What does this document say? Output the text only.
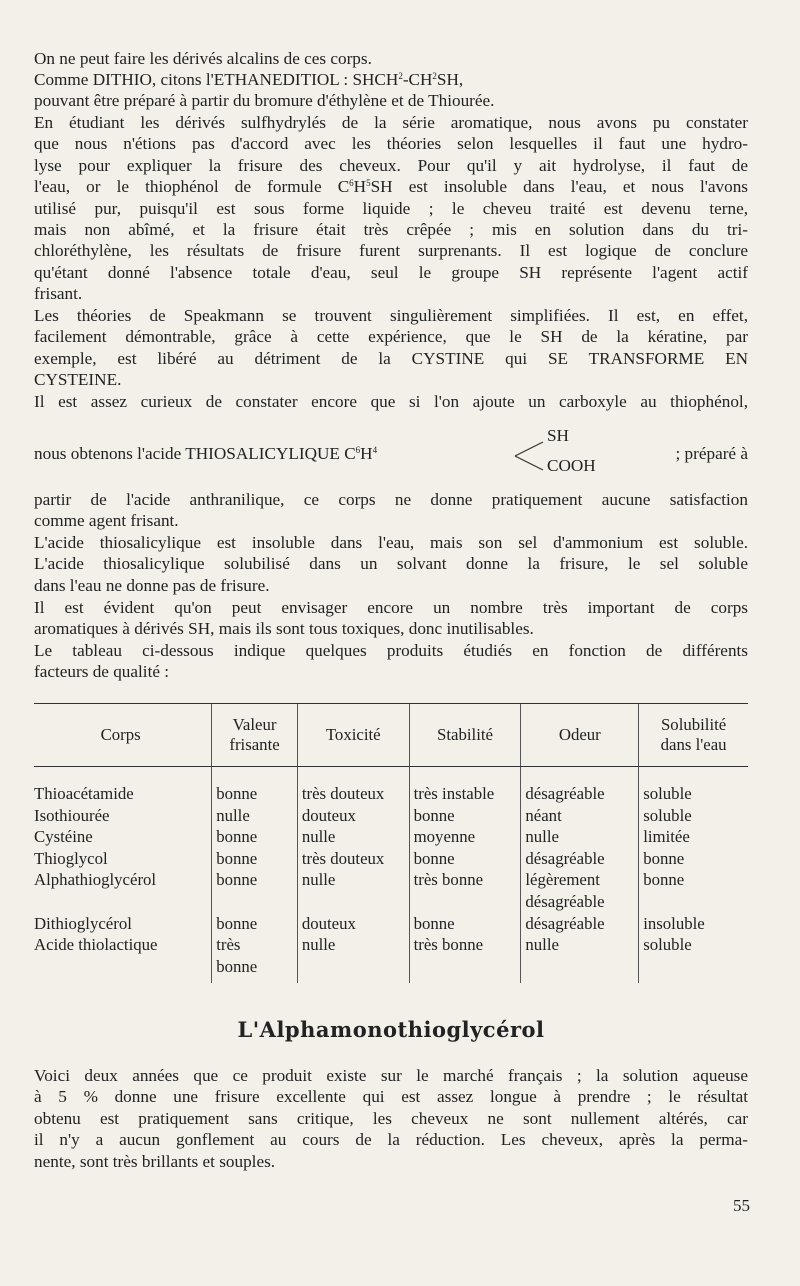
On ne peut faire les dérivés alcalins de ces corps.

Comme DITHIO, citons l'ETHANEDITIOL : $SHCH^2-CH^2SH$,
pouvant être préparé à partir du bromure d'éthylène et de Thiourée.

En étudiant les dérivés sulfhydrylés de la série aromatique, nous avons pu constater
que nous n'étions pas d'accord avec les théories selon lesquelles il faut une hydro-
lyse pour expliquer la frisure des cheveux. Pour qu'il y ait hydrolyse, il faut de
l'eau, or le thiophénol de formule $C^6H^5SH$ est insoluble dans l'eau, et nous l'avons
utilisé pur, puisqu'il est sous forme liquide ; le cheveu traité est devenu terne,
mais non abîmé, et la frisure était très crêpée ; mis en solution dans du tri-
chloréthylène, les résultats de frisure furent surprenants. Il est logique de conclure
qu'étant donné l'absence totale d'eau, seul le groupe SH représente l'agent actif
frisant.

Les théories de Speakmann se trouvent singulièrement simplifiées. Il est, en effet,
facilement démontrable, grâce à cette expérience, que le SH de la kératine, par
exemple, est libéré au détriment de la CYSTINE qui SE TRANSFORME EN
CYSTEINE.

Il est assez curieux de constater encore que si l'on ajoute un carboxyle au thiophénol,

nous obtenons l'acide THIOSALICYLIQUE $C^6H^4$
SH
COOH
; préparé à

partir de l'acide anthranilique, ce corps ne donne pratiquement aucune satisfaction
comme agent frisant.

L'acide thiosalicylique est insoluble dans l'eau, mais son sel d'ammonium est soluble.
L'acide thiosalicylique solubilisé dans un solvant donne la frisure, le sel soluble
dans l'eau ne donne pas de frisure.

Il est évident qu'on peut envisager encore un nombre très important de corps
aromatiques à dérivés SH, mais ils sont tous toxiques, donc inutilisables.

Le tableau ci-dessous indique quelques produits étudiés en fonction de différents
facteurs de qualité :

Corps	Valeur
frisante	Toxicité	Stabilité	Odeur	Solubilité
dans l'eau
Thioacétamide	bonne	très douteux	très instable	désagréable	soluble
Isothiourée	nulle	douteux	bonne	néant	soluble
Cystéine	bonne	nulle	moyenne	nulle	limitée
Thioglycol	bonne	très douteux	bonne	désagréable	bonne
Alphathioglycérol	bonne	nulle	très bonne	légèrement
désagréable	bonne
Dithioglycérol	bonne	douteux	bonne	désagréable	insoluble
Acide thiolactique	très
bonne	nulle	très bonne	nulle	soluble
L'Alphamonothioglycérol

Voici deux années que ce produit existe sur le marché français ; la solution aqueuse
à 5 % donne une frisure excellente qui est assez longue à prendre ; le résultat
obtenu est pratiquement sans critique, les cheveux ne sont nullement altérés, car
il n'y a aucun gonflement au cours de la réduction. Les cheveux, après la perma-
nente, sont très brillants et souples.

55
